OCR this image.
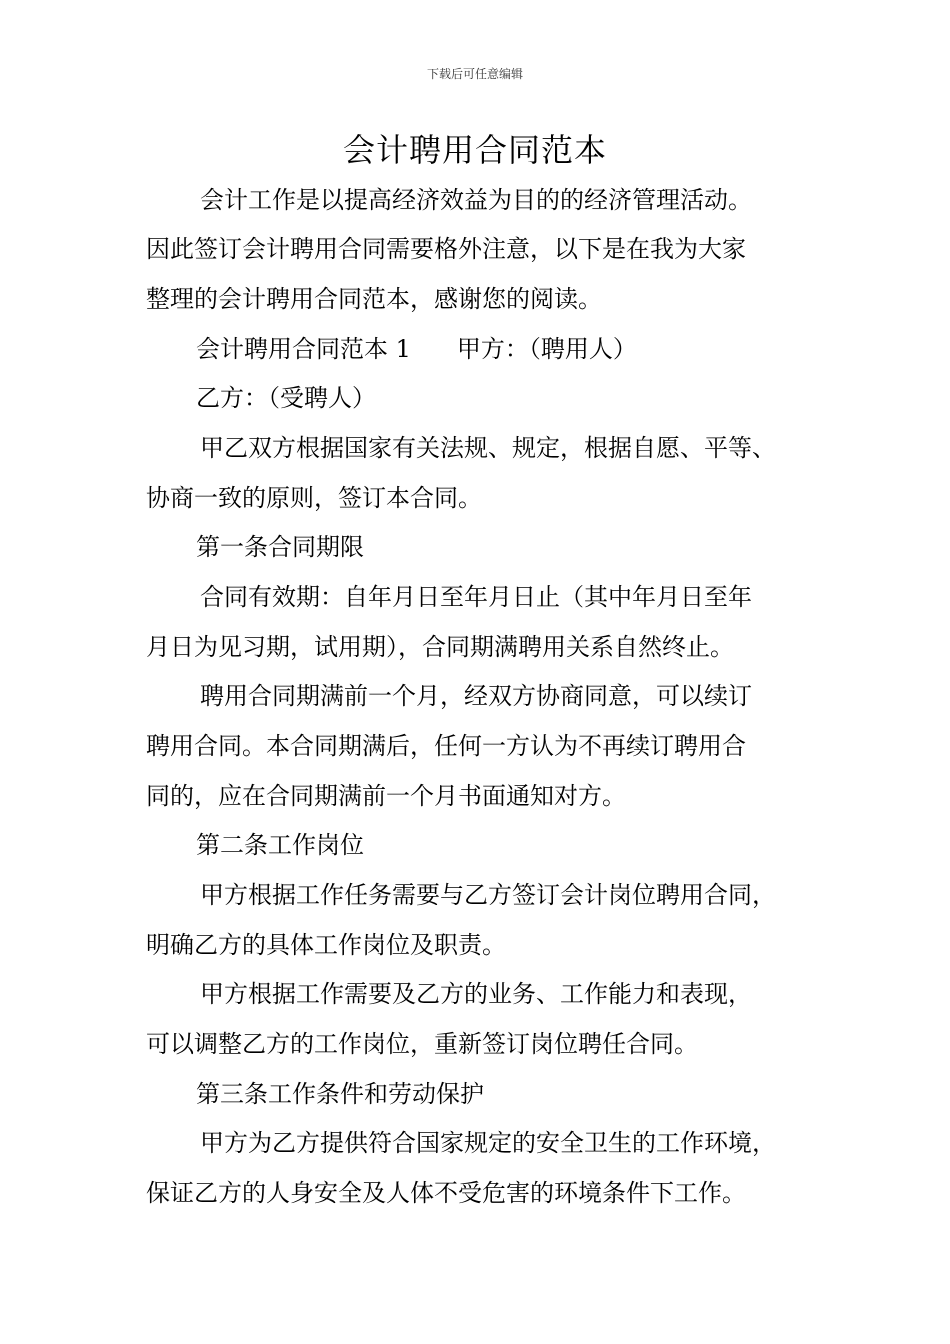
下载后可任意编辑
会计聘用合同范本
会计工作是以提高经济效益为目的的经济管理活动。
因此签订会计聘用合同需要格外注意，以下是在我为大家
整理的会计聘用合同范本，感谢您的阅读。
会计聘用合同范本 1 甲方：（聘用人）
乙方：（受聘人）
甲乙双方根据国家有关法规、规定，根据自愿、平等、
协商一致的原则，签订本合同。
第一条合同期限
合同有效期：自年月日至年月日止（其中年月日至年
月日为见习期，试用期），合同期满聘用关系自然终止。
聘用合同期满前一个月，经双方协商同意，可以续订
聘用合同。本合同期满后，任何一方认为不再续订聘用合
同的，应在合同期满前一个月书面通知对方。
第二条工作岗位
甲方根据工作任务需要与乙方签订会计岗位聘用合同，
明确乙方的具体工作岗位及职责。
甲方根据工作需要及乙方的业务、工作能力和表现，
可以调整乙方的工作岗位，重新签订岗位聘任合同。
第三条工作条件和劳动保护
甲方为乙方提供符合国家规定的安全卫生的工作环境，
保证乙方的人身安全及人体不受危害的环境条件下工作。
